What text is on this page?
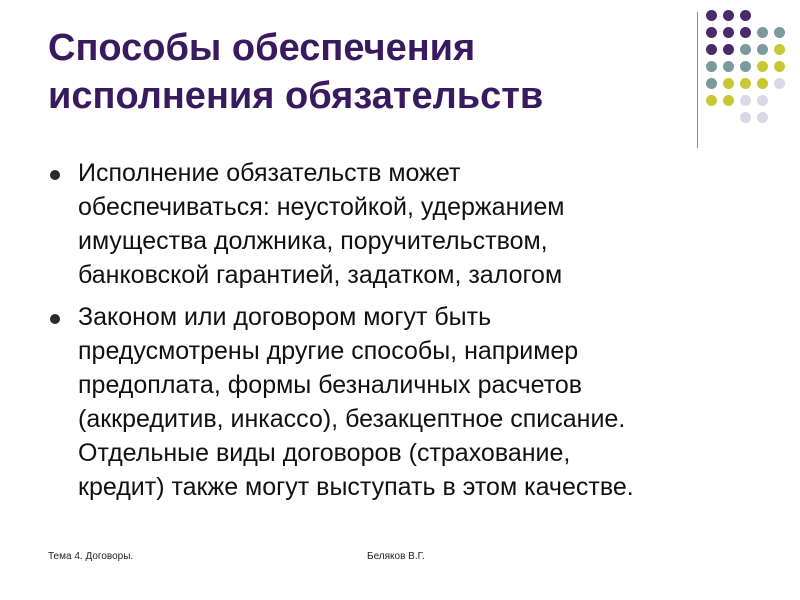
Способы обеспечения
исполнения обязательств
Исполнение обязательств может
обеспечиваться: неустойкой, удержанием
имущества должника, поручительством,
банковской гарантией, задатком, залогом
Законом или договором могут быть
предусмотрены другие способы, например
предоплата, формы безналичных расчетов
(аккредитив, инкассо), безакцептное списание.
Отдельные виды договоров (страхование,
кредит) также могут выступать в этом качестве.
Тема 4. Договоры.	Беляков В.Г.
